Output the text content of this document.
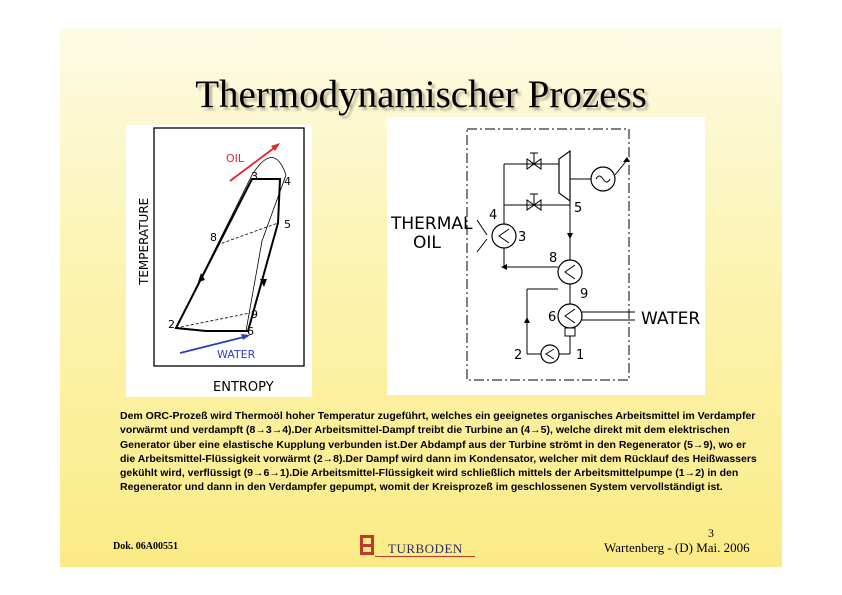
Thermodynamischer Prozess
OIL
WATER
3 4
5
8
9
6
2
TEMPERATURE
ENTROPY
THERMAL
OIL
WATER
4
3
5
8
9
6
2	1

Dem ORC-Prozeß wird Thermoöl hoher Temperatur zugeführt, welches ein geeignetes organisches Arbeitsmittel im Verdampfer vorwärmt und verdampft (8→3→4).Der Arbeitsmittel-Dampf treibt die Turbine an (4→5), welche direkt mit dem elektrischen Generator über eine elastische Kupplung verbunden ist.Der Abdampf aus der Turbine strömt in den Regenerator (5→9), wo er die Arbeitsmittel-Flüssigkeit vorwärmt (2→8).Der Dampf wird dann im Kondensator, welcher mit dem Rücklauf des Heißwassers gekühlt wird, verflüssigt (9→6→1).Die Arbeitsmittel-Flüssigkeit wird schließlich mittels der Arbeitsmittelpumpe (1→2) in den Regenerator und dann in den Verdampfer gepumpt, womit der Kreisprozeß im geschlossenen System vervollständigt ist.

3
Dok. 06A00551	TURBODEN	Wartenberg - (D) Mai. 2006
